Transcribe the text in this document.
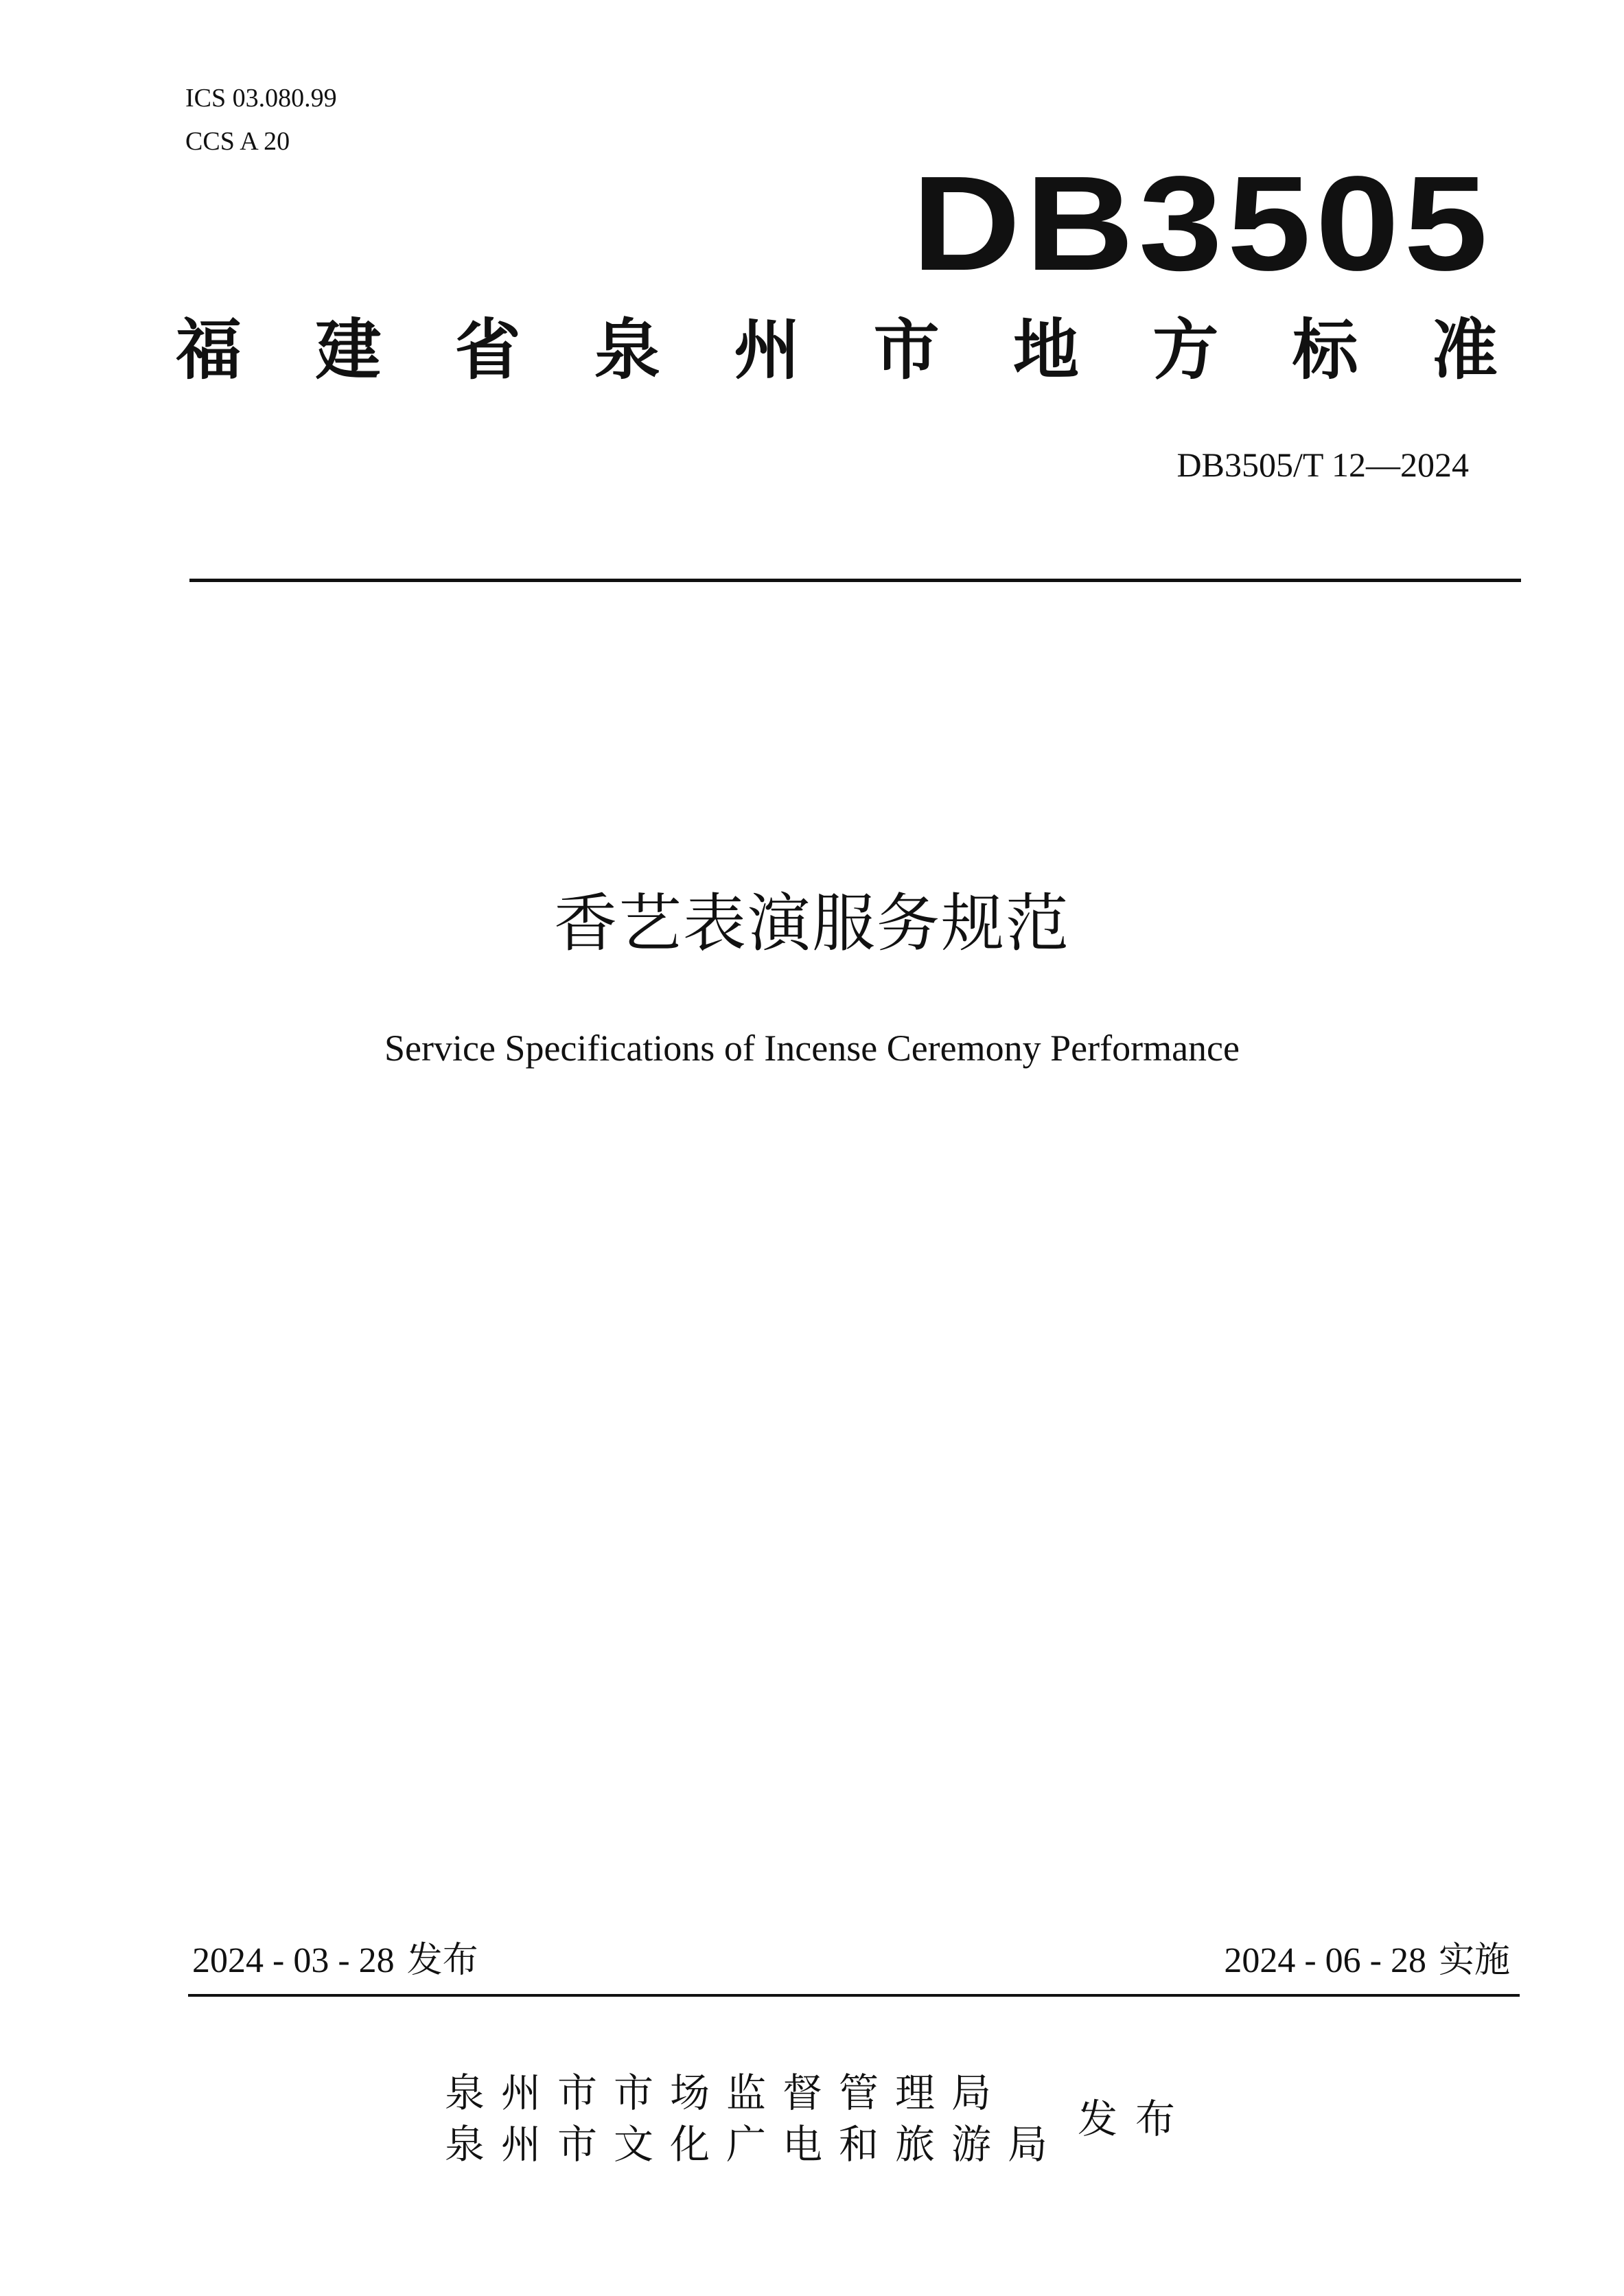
ICS 03.080.99
CCS A 20
DB3505
福 建 省 泉 州 市 地 方 标 准
DB3505/T 12—2024
香艺表演服务规范
Service Specifications of Incense Ceremony Performance
2024 - 03 - 28 发布	2024 - 06 - 28 实施
泉州市市场监督管理局
泉州市文化广电和旅游局
发布
